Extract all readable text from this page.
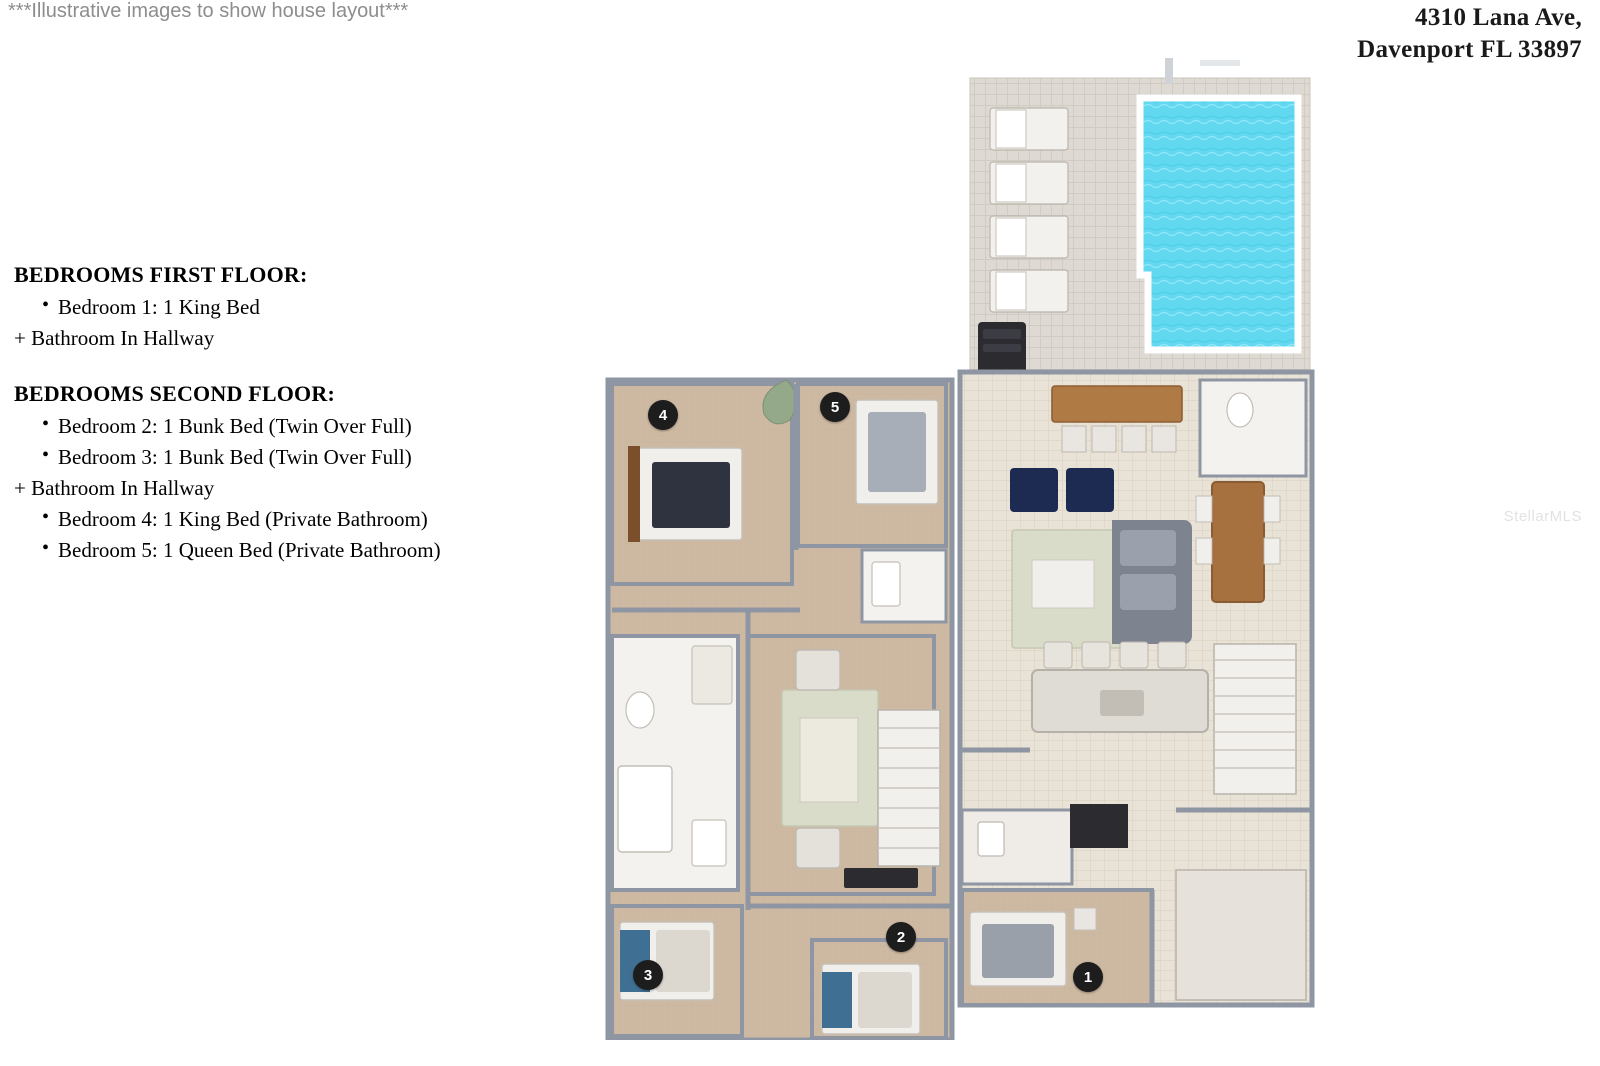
***Illustrative images to show house layout***	4310 Lana Ave,
Davenport FL 33897
BEDROOMS FIRST FLOOR:
• Bedroom 1: 1 King Bed

+ Bathroom In Hallway

BEDROOMS SECOND FLOOR:
• Bedroom 2: 1 Bunk Bed (Twin Over Full)
• Bedroom 3: 1 Bunk Bed (Twin Over Full)

+ Bathroom In Hallway

• Bedroom 4: 1 King Bed (Private Bathroom)
• Bedroom 5: 1 Queen Bed (Private Bathroom)
StellarMLS
1
2
3
4	5
